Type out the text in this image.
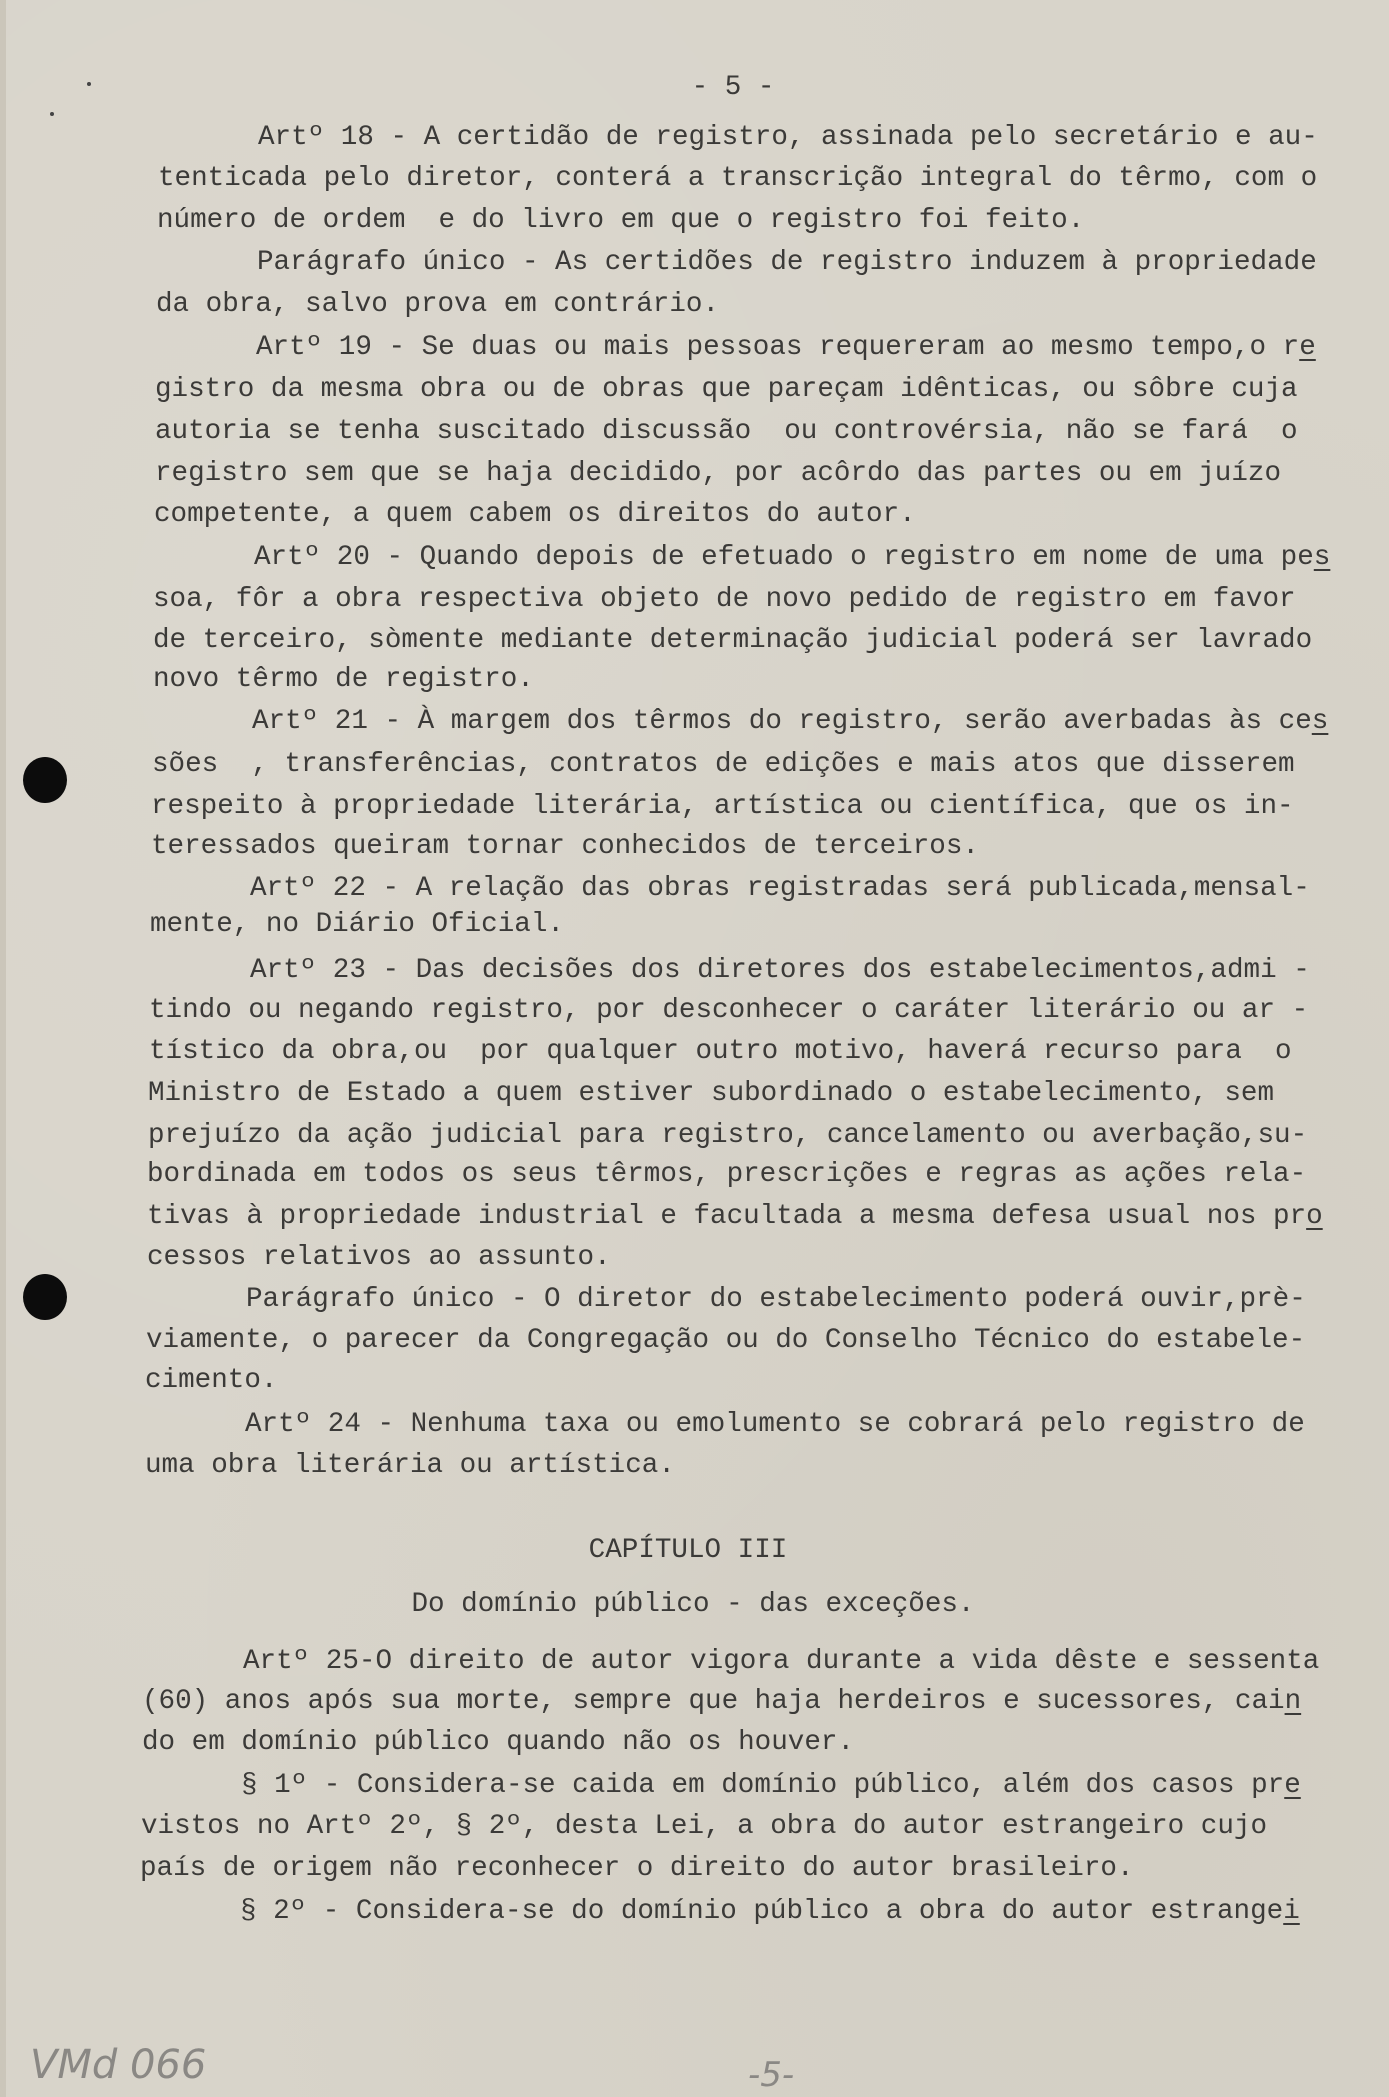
- 5 -
Artº 18 - A certidão de registro, assinada pelo secretário e au-
tenticada pelo diretor, conterá a transcrição integral do têrmo, com o
número de ordem  e do livro em que o registro foi feito.
Parágrafo único - As certidões de registro induzem à propriedade
da obra, salvo prova em contrário.
Artº 19 - Se duas ou mais pessoas requereram ao mesmo tempo,o re
gistro da mesma obra ou de obras que pareçam idênticas, ou sôbre cuja
autoria se tenha suscitado discussão  ou controvérsia, não se fará  o
registro sem que se haja decidido, por acôrdo das partes ou em juízo
competente, a quem cabem os direitos do autor.
Artº 20 - Quando depois de efetuado o registro em nome de uma pes
soa, fôr a obra respectiva objeto de novo pedido de registro em favor
de terceiro, sòmente mediante determinação judicial poderá ser lavrado
novo têrmo de registro.
Artº 21 - À margem dos têrmos do registro, serão averbadas às ces
sões  , transferências, contratos de edições e mais atos que disserem
respeito à propriedade literária, artística ou científica, que os in-
teressados queiram tornar conhecidos de terceiros.
Artº 22 - A relação das obras registradas será publicada,mensal-
mente, no Diário Oficial.
Artº 23 - Das decisões dos diretores dos estabelecimentos,admi -
tindo ou negando registro, por desconhecer o caráter literário ou ar -
tístico da obra,ou  por qualquer outro motivo, haverá recurso para  o
Ministro de Estado a quem estiver subordinado o estabelecimento, sem
prejuízo da ação judicial para registro, cancelamento ou averbação,su-
bordinada em todos os seus têrmos, prescrições e regras as ações rela-
tivas à propriedade industrial e facultada a mesma defesa usual nos pro
cessos relativos ao assunto.
Parágrafo único - O diretor do estabelecimento poderá ouvir,prè-
viamente, o parecer da Congregação ou do Conselho Técnico do estabele-
cimento.
Artº 24 - Nenhuma taxa ou emolumento se cobrará pelo registro de
uma obra literária ou artística.
CAPÍTULO III
Do domínio público - das exceções.
Artº 25-O direito de autor vigora durante a vida dêste e sessenta
(60) anos após sua morte, sempre que haja herdeiros e sucessores, cain
do em domínio público quando não os houver.
§ 1º - Considera-se caida em domínio público, além dos casos pre
vistos no Artº 2º, § 2º, desta Lei, a obra do autor estrangeiro cujo
país de origem não reconhecer o direito do autor brasileiro.
§ 2º - Considera-se do domínio público a obra do autor estrangei
VMd 066	-5-
